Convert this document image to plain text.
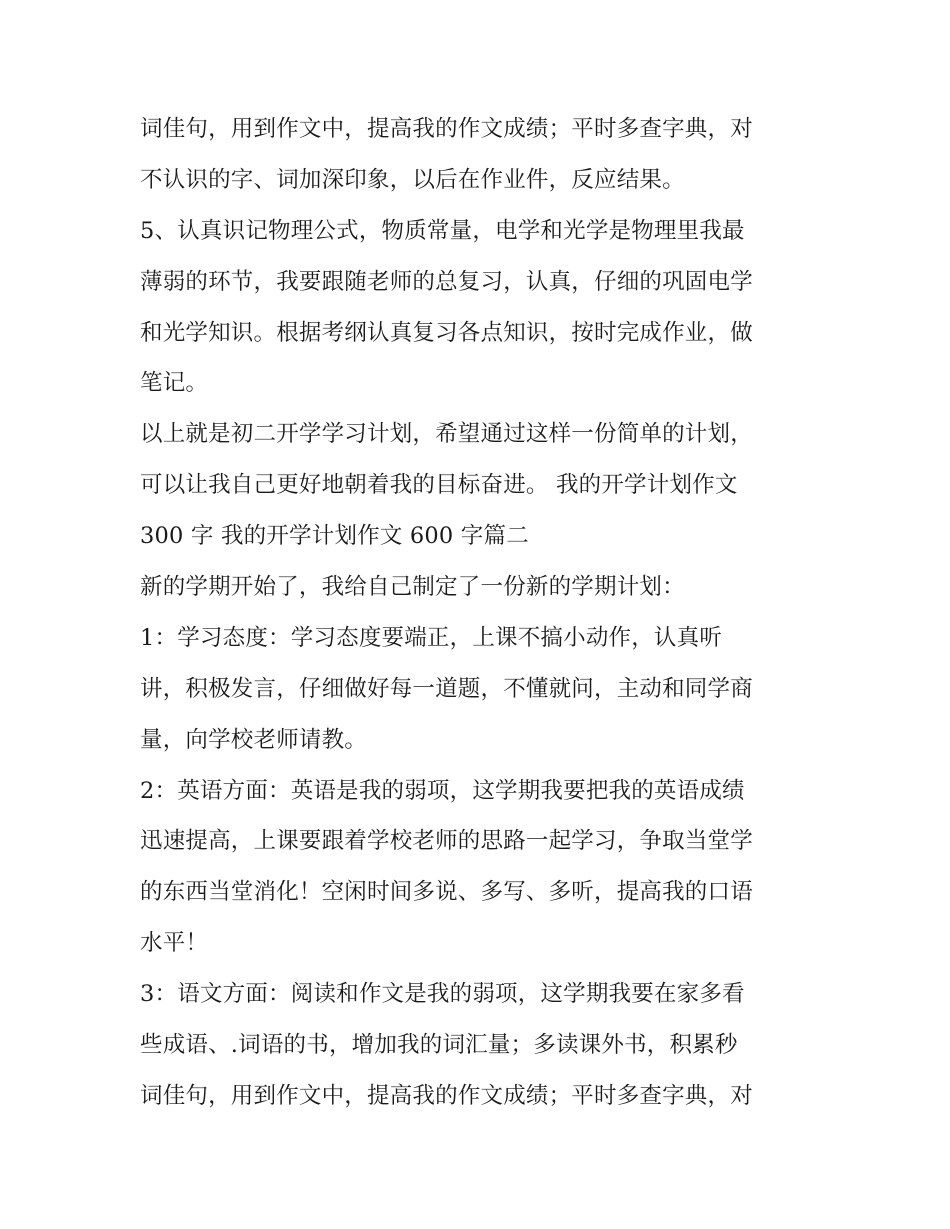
词佳句，用到作文中，提高我的作文成绩；平时多查字典，对
不认识的字、词加深印象，以后在作业件，反应结果。
5、认真识记物理公式，物质常量，电学和光学是物理里我最
薄弱的环节，我要跟随老师的总复习，认真，仔细的巩固电学
和光学知识。根据考纲认真复习各点知识，按时完成作业，做
笔记。
以上就是初二开学学习计划，希望通过这样一份简单的计划，
可以让我自己更好地朝着我的目标奋进。 我的开学计划作文
300 字 我的开学计划作文 600 字篇二
新的学期开始了，我给自己制定了一份新的学期计划：
1：学习态度：学习态度要端正，上课不搞小动作，认真听
讲，积极发言，仔细做好每一道题，不懂就问，主动和同学商
量，向学校老师请教。
2：英语方面：英语是我的弱项，这学期我要把我的英语成绩
迅速提高，上课要跟着学校老师的思路一起学习，争取当堂学
的东西当堂消化！空闲时间多说、多写、多听，提高我的口语
水平！
3：语文方面：阅读和作文是我的弱项，这学期我要在家多看
些成语、.词语的书，增加我的词汇量；多读课外书，积累秒
词佳句，用到作文中，提高我的作文成绩；平时多查字典，对
